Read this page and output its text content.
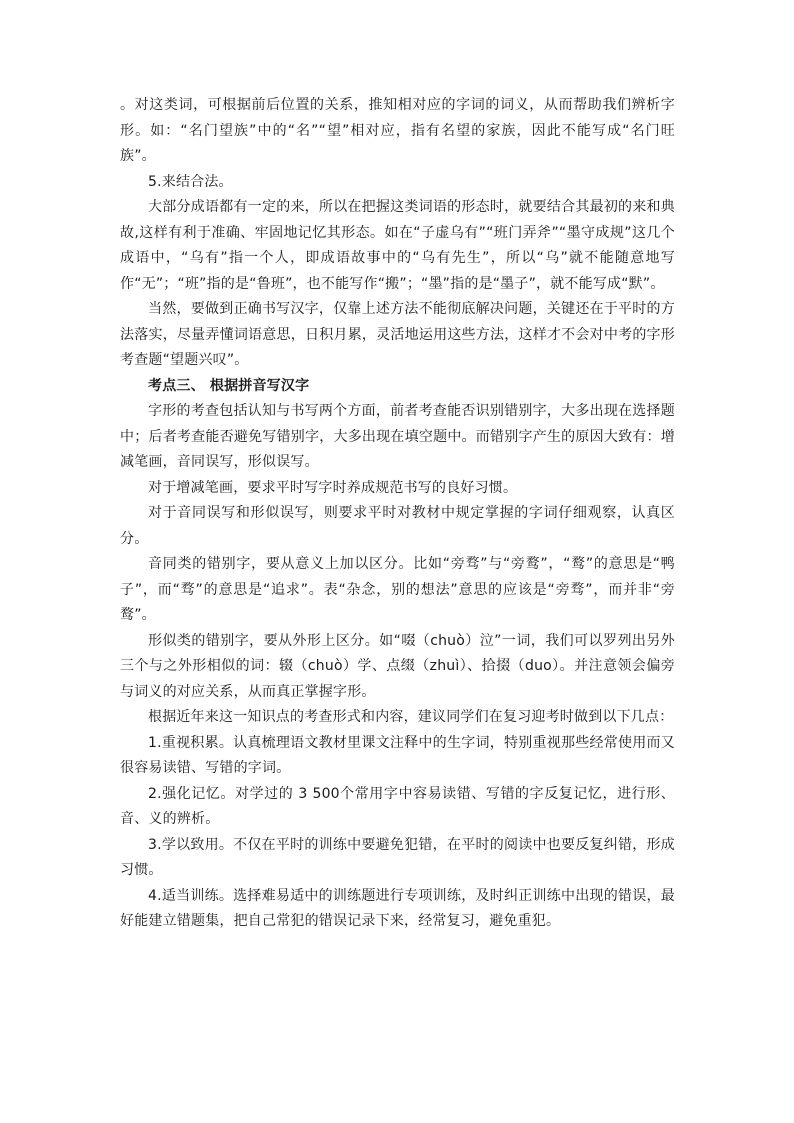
。对这类词，可根据前后位置的关系，推知相对应的字词的词义，从而帮助我们辨析字形。如：“名门望族”中的“名”“望”相对应，指有名望的家族，因此不能写成“名门旺族”。

5.来结合法。

大部分成语都有一定的来，所以在把握这类词语的形态时，就要结合其最初的来和典故,这样有利于准确、牢固地记忆其形态。如在“子虚乌有”“班门弄斧”“墨守成规”这几个成语中，“乌有”指一个人，即成语故事中的“乌有先生”，所以“乌”就不能随意地写作“无”；“班”指的是“鲁班”，也不能写作“搬”；“墨”指的是“墨子”，就不能写成“默”。

当然，要做到正确书写汉字，仅靠上述方法不能彻底解决问题，关键还在于平时的方法落实，尽量弄懂词语意思，日积月累，灵活地运用这些方法，这样才不会对中考的字形考查题“望题兴叹”。

考点三、 根据拼音写汉字

字形的考查包括认知与书写两个方面，前者考查能否识别错别字，大多出现在选择题中；后者考查能否避免写错别字，大多出现在填空题中。而错别字产生的原因大致有：增减笔画，音同误写，形似误写。

对于增减笔画，要求平时写字时养成规范书写的良好习惯。

对于音同误写和形似误写，则要求平时对教材中规定掌握的字词仔细观察，认真区分。

音同类的错别字，要从意义上加以区分。比如“旁骛”与“旁鹜”，“鹜”的意思是“鸭子”，而“骛”的意思是“追求”。表“杂念，别的想法”意思的应该是“旁骛”，而并非“旁鹜”。

形似类的错别字，要从外形上区分。如“啜（chuò）泣”一词，我们可以罗列出另外三个与之外形相似的词：辍（chuò）学、点缀（zhuì）、拾掇（duo）。并注意领会偏旁与词义的对应关系，从而真正掌握字形。

根据近年来这一知识点的考查形式和内容，建议同学们在复习迎考时做到以下几点：

1.重视积累。认真梳理语文教材里课文注释中的生字词，特别重视那些经常使用而又很容易读错、写错的字词。

2.强化记忆。对学过的 3 500个常用字中容易读错、写错的字反复记忆，进行形、音、义的辨析。

3.学以致用。不仅在平时的训练中要避免犯错，在平时的阅读中也要反复纠错，形成习惯。

4.适当训练。选择难易适中的训练题进行专项训练，及时纠正训练中出现的错误，最好能建立错题集，把自己常犯的错误记录下来，经常复习，避免重犯。
